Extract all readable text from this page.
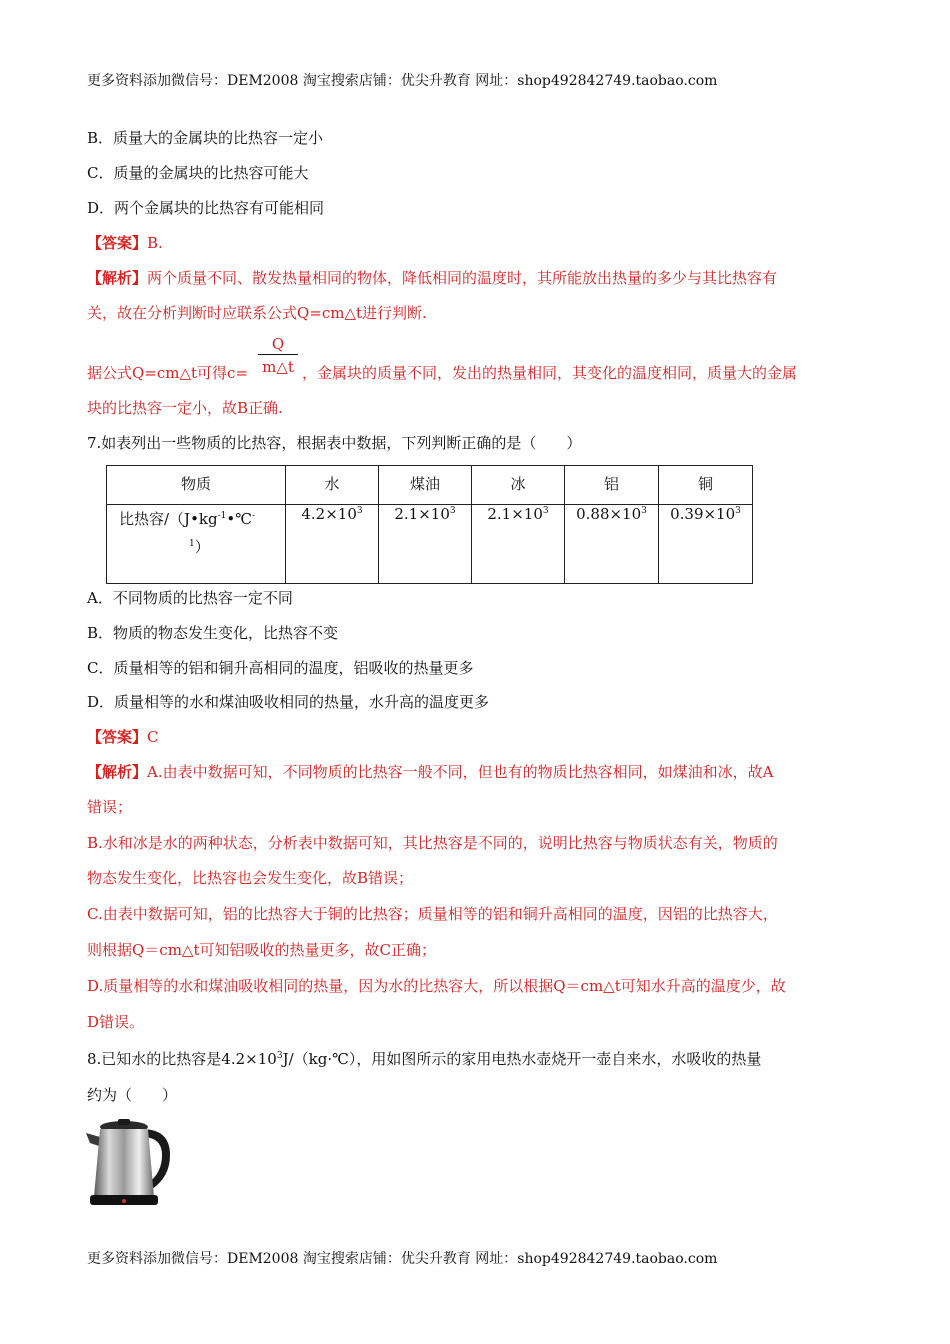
更多资料添加微信号：DEM2008 淘宝搜索店铺：优尖升教育 网址：shop492842749.taobao.com
B．质量大的金属块的比热容一定小
C．质量的金属块的比热容可能大
D．两个金属块的比热容有可能相同
【答案】B.
【解析】两个质量不同、散发热量相同的物体，降低相同的温度时，其所能放出热量的多少与其比热容有
关，故在分析判断时应联系公式Q=cm△t进行判断.
据公式Q=cm△t可得c=
Q
m△t ，金属块的质量不同，发出的热量相同，其变化的温度相同，质量大的金属
块的比热容一定小，故B正确.
7.如表列出一些物质的比热容，根据表中数据，下列判断正确的是（　　）
物质	水	煤油	冰	铝	铜
比热容$/(J•kg^{-1}•℃^-$
$^1$）	$4.2\times 10^3$	$2.1\times 10^3$	$2.1\times 10^3$	$0.88\times 10^3$	$0.39\times 10^3$
A．不同物质的比热容一定不同
B．物质的物态发生变化，比热容不变
C．质量相等的铝和铜升高相同的温度，铝吸收的热量更多
D．质量相等的水和煤油吸收相同的热量，水升高的温度更多
【答案】C
【解析】A.由表中数据可知，不同物质的比热容一般不同，但也有的物质比热容相同，如煤油和冰，故A
错误；
B.水和冰是水的两种状态，分析表中数据可知，其比热容是不同的，说明比热容与物质状态有关，物质的
物态发生变化，比热容也会发生变化，故B错误；
C.由表中数据可知，铝的比热容大于铜的比热容；质量相等的铝和铜升高相同的温度，因铝的比热容大，
则根据Q＝cm△t可知铝吸收的热量更多，故C正确；
D.质量相等的水和煤油吸收相同的热量，因为水的比热容大，所以根据Q＝cm△t可知水升高的温度少，故
D错误。
8.已知水的比热容是$4.2\times 10^3J/(kg\cdot℃)$，用如图所示的家用电热水壶烧开一壶自来水，水吸收的热量
约为（　　）
更多资料添加微信号：DEM2008 淘宝搜索店铺：优尖升教育 网址：shop492842749.taobao.com
